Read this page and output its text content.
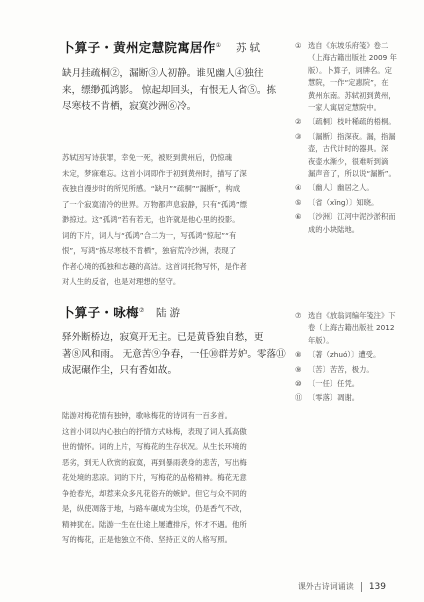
卜算子・黄州定慧院寓居作① 苏轼
缺月挂疏桐②，漏断③人初静。谁见幽人④独往
来，缥缈孤鸿影。 惊起却回头，有恨无人省⑤。拣
尽寒枝不肯栖，寂寞沙洲⑥冷。
苏轼因写诗获罪，幸免一死，被贬到黄州后，仍惊魂
未定，梦寐难忘。这首小词即作于初到黄州时，描写了深
夜独自漫步时的所见所感。“缺月”“疏桐”“漏断”，构成
了一个寂寞清冷的世界。万物都声息寂静，只有“孤鸿”缥
渺掠过。这“孤鸿”若有若无，也许就是他心里的投影。
词的下片，词人与“孤鸿”合二为一，写孤鸿“惊起”“有
恨”，写鸿“拣尽寒枝不肯栖”，独宿荒冷沙洲，表现了
作者心境的孤独和志趣的高洁。这首词托物写怀，是作者
对人生的反省，也是对理想的坚守。
① 选自《东坡乐府笺》卷二
（上海古籍出版社 2009 年
版）。卜算子，词牌名。定
慧院，一作“定惠院”，在
黄州东南。苏轼初到黄州，
一家人寓居定慧院中。
② 〔疏桐〕枝叶稀疏的梧桐。
③ 〔漏断〕指深夜。漏，指漏
壶，古代计时的器具。深
夜壶水渐少，很难听到滴
漏声音了，所以说“漏断”。
④ 〔幽人〕幽居之人。
⑤ 〔省（xǐng）〕知晓。
⑥ 〔沙洲〕江河中泥沙淤积而
成的小块陆地。
卜算子・咏梅⑦ 陆游
驿外断桥边，寂寞开无主。已是黄昏独自愁，更
著⑧风和雨。 无意苦⑨争春，一任⑩群芳妒。零落⑪
成泥碾作尘，只有香如故。
陆游对梅花情有独钟，歌咏梅花的诗词有一百多首。
这首小词以内心独白的抒情方式咏梅，表现了词人孤高傲
世的情怀。词的上片，写梅花的生存状况。从生长环境的
恶劣，到无人欣赏的寂寞，再到暴雨袭身的悲苦，写出梅
花处境的悲凉。词的下片，写梅花的品格精神。梅花无意
争抢春光，却惹来众多凡花俗卉的嫉妒。但它与众不同的
是，纵使凋落于地，与路车碾成为尘埃，仍是香气不改，
精神犹在。陆游一生在仕途上屡遭排斥，怀才不遇。他所
写的梅花，正是他独立不倚、坚持正义的人格写照。
⑦ 选自《放翁词编年笺注》下
卷（上海古籍出版社 2012
年版）。
⑧ 〔著（zhuó）〕遭受。
⑨ 〔苦〕苦苦，极力。
⑩ 〔一任〕任凭。
⑪ 〔零落〕凋谢。
课外古诗词诵读 139
